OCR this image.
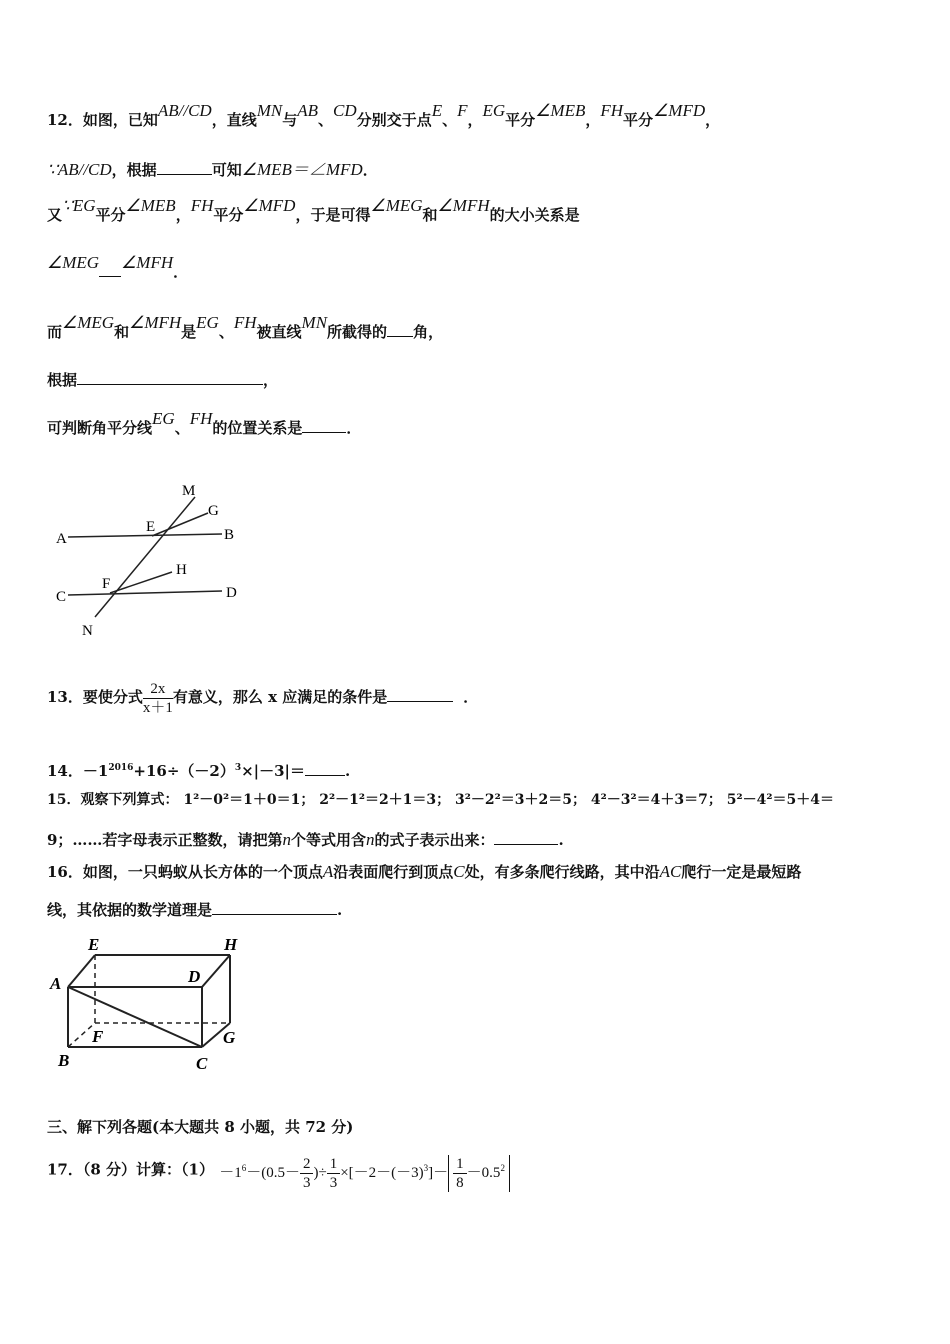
12．如图，已知AB//CD，直线MN与AB、CD分别交于点E、F，EG平分∠MEB，FH平分∠MFD，
∵AB//CD，根据	可知∠MEB＝∠MFD．
又∵EG平分∠MEB，FH平分∠MFD，于是可得∠MEG和∠MFH的大小关系是
∠MEG ∠MFH．
而∠MEG和∠MFH是EG、FH被直线MN所截得的 角，
根据	，
可判断角平分线EG、FH的位置关系是	．
M
G
E
A	B
H
F
C	D
N
13．要使分式 $\frac{2x}{x+1}$ 有意义，那么 x 应满足的条件是	．
14．$-1^{2016}+16\div(-2)^3\times|-3|=$	.
15．观察下列算式： 1²－0²＝1＋0＝1； 2²－1²＝2＋1＝3； 3²－2²＝3＋2＝5； 4²－3²＝4＋3＝7； 5²－4²＝5＋4＝
9；……若字母表示正整数，请把第n个等式用含n的式子表示出来：	.
16．如图，一只蚂蚁从长方体的一个顶点A沿表面爬行到顶点C处，有多条爬行线路，其中沿AC爬行一定是最短路
线，其依据的数学道理是	.
E	H
A	D
F	G
B	C
三、解下列各题(本大题共 8 小题，共 72 分)
17．（8 分）计算：$(1) -1^6-(0.5- \frac{2}{3}$ )÷ $\frac{1}{3} \times[-2-(-3)^3]- \frac{1}{8} -0.5^2$
